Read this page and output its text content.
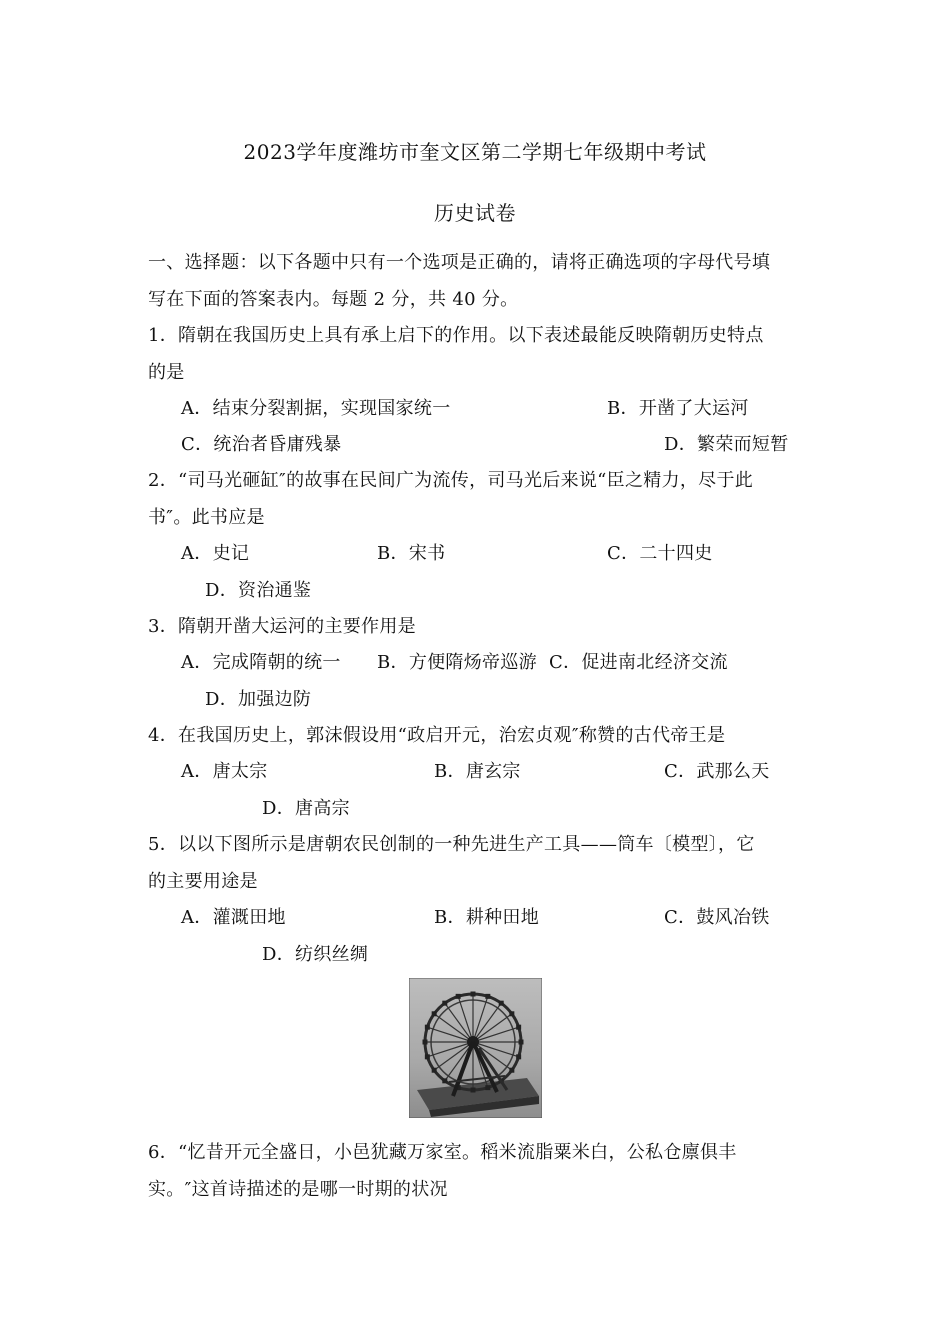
2023学年度潍坊市奎文区第二学期七年级期中考试
历史试卷
一、选择题：以下各题中只有一个选项是正确的，请将正确选项的字母代号填
写在下面的答案表内。每题 2 分，共 40 分。
1．隋朝在我国历史上具有承上启下的作用。以下表述最能反映隋朝历史特点
的是
A．结束分裂割据，实现国家统一	B．开凿了大运河
C．统治者昏庸残暴	D．繁荣而短暂
2．“司马光砸缸″的故事在民间广为流传，司马光后来说“臣之精力，尽于此
书″。此书应是
A．史记	B．宋书	C．二十四史
D．资治通鉴
3．隋朝开凿大运河的主要作用是
A．完成隋朝的统一 B．方便隋炀帝巡游 C．促进南北经济交流
D．加强边防
4．在我国历史上，郭沫假设用“政启开元，治宏贞观″称赞的古代帝王是
A．唐太宗	B．唐玄宗	C．武那么天
D．唐高宗
5．以以下图所示是唐朝农民创制的一种先进生产工具——筒车〔模型〕，它
的主要用途是
A．灌溉田地	B．耕种田地	C．鼓风冶铁
D．纺织丝绸
6．“忆昔开元全盛日，小邑犹藏万家室。稻米流脂粟米白，公私仓廪俱丰
实。″这首诗描述的是哪一时期的状况
